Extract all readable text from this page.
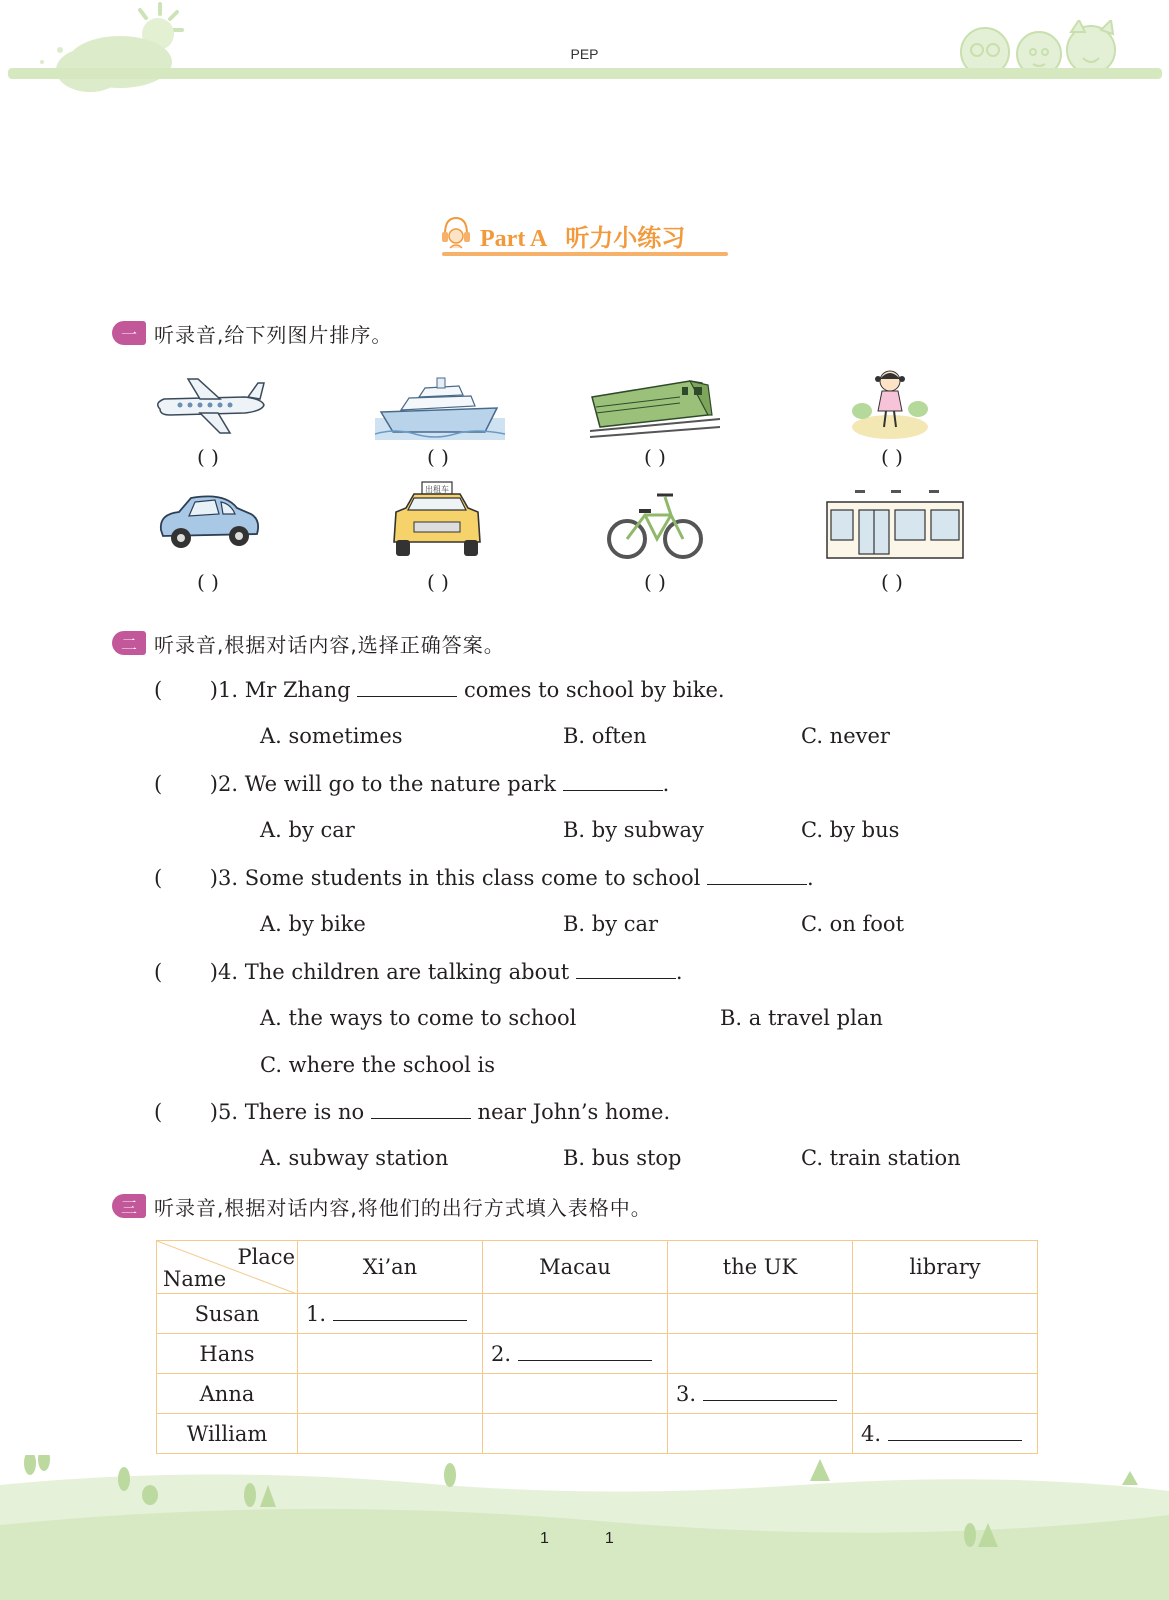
PEP
Part A 听力小练习
一 听录音,给下列图片排序。
( )	( )	( )	( )
出租车
( )	( )	( )	( )
二 听录音,根据对话内容,选择正确答案。
( ) 1. Mr Zhang	comes to school by bike.
A. sometimes	B. often	C. never
( ) 2. We will go to the nature park	.
A. by car	B. by subway	C. by bus
( ) 3. Some students in this class come to school	.
A. by bike	B. by car	C. on foot
( ) 4. The children are talking about	.
A. the ways to come to school	B. a travel plan
C. where the school is
( ) 5. There is no	near John’s home.
A. subway station	B. bus stop	C. train station
三 听录音,根据对话内容,将他们的出行方式填入表格中。
Place
Name	Xi’an	Macau	the UK	library
Susan	1.			
Hans		2.		
Anna			3.	
William				4.
1	1
